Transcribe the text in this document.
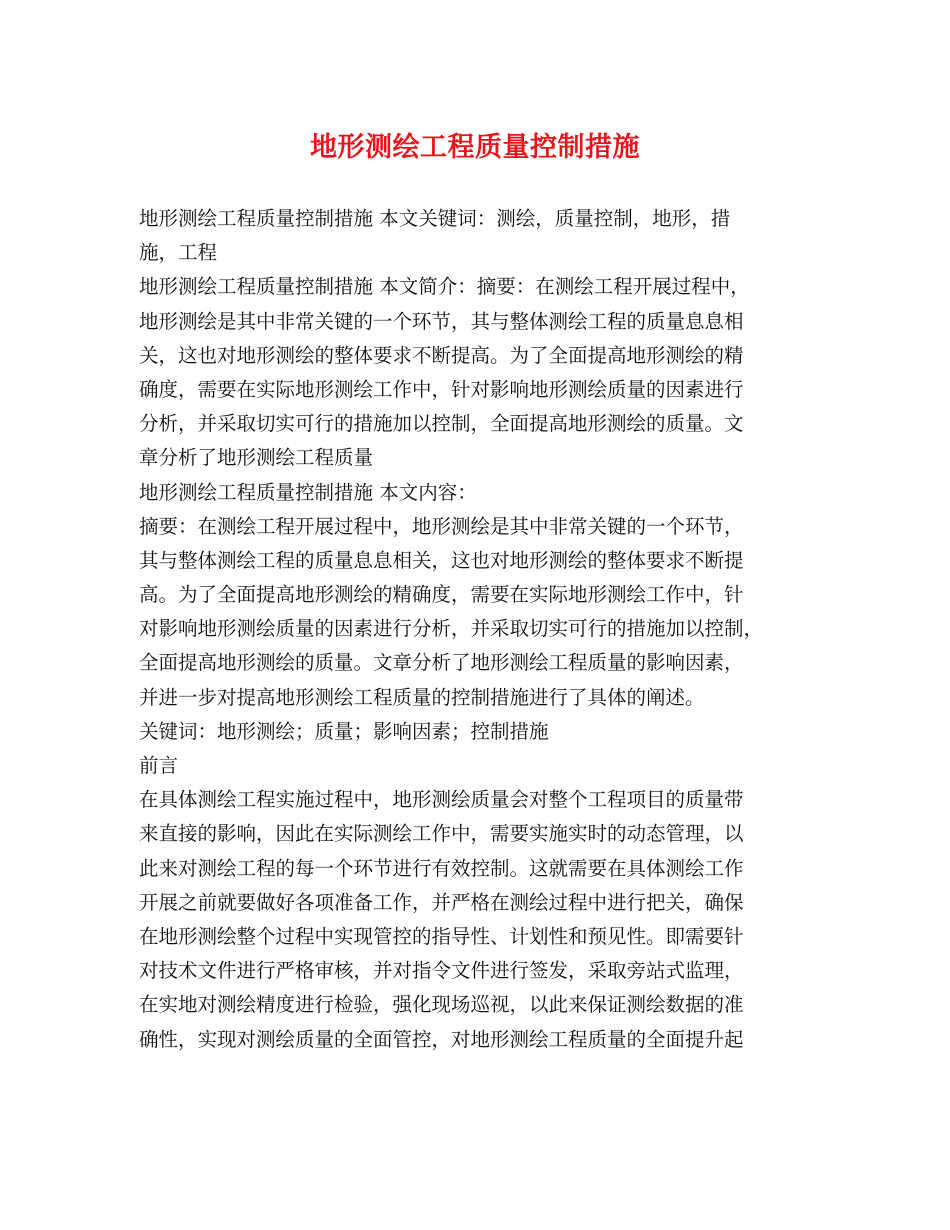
地形测绘工程质量控制措施
地形测绘工程质量控制措施 本文关键词：测绘，质量控制，地形，措
施，工程
地形测绘工程质量控制措施 本文简介：摘要：在测绘工程开展过程中，
地形测绘是其中非常关键的一个环节，其与整体测绘工程的质量息息相
关，这也对地形测绘的整体要求不断提高。为了全面提高地形测绘的精
确度，需要在实际地形测绘工作中，针对影响地形测绘质量的因素进行
分析，并采取切实可行的措施加以控制，全面提高地形测绘的质量。文
章分析了地形测绘工程质量
地形测绘工程质量控制措施 本文内容：
摘要：在测绘工程开展过程中，地形测绘是其中非常关键的一个环节，
其与整体测绘工程的质量息息相关，这也对地形测绘的整体要求不断提
高。为了全面提高地形测绘的精确度，需要在实际地形测绘工作中，针
对影响地形测绘质量的因素进行分析，并采取切实可行的措施加以控制，
全面提高地形测绘的质量。文章分析了地形测绘工程质量的影响因素，
并进一步对提高地形测绘工程质量的控制措施进行了具体的阐述。
关键词：地形测绘；质量；影响因素；控制措施
前言
在具体测绘工程实施过程中，地形测绘质量会对整个工程项目的质量带
来直接的影响，因此在实际测绘工作中，需要实施实时的动态管理，以
此来对测绘工程的每一个环节进行有效控制。这就需要在具体测绘工作
开展之前就要做好各项准备工作，并严格在测绘过程中进行把关，确保
在地形测绘整个过程中实现管控的指导性、计划性和预见性。即需要针
对技术文件进行严格审核，并对指令文件进行签发，采取旁站式监理，
在实地对测绘精度进行检验，强化现场巡视，以此来保证测绘数据的准
确性，实现对测绘质量的全面管控，对地形测绘工程质量的全面提升起
